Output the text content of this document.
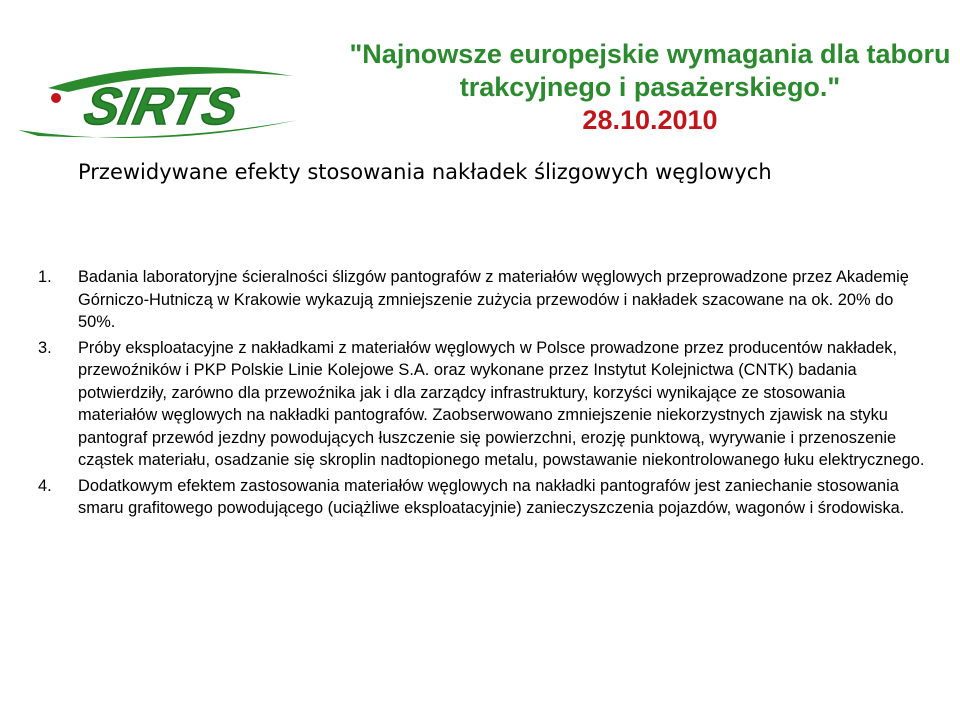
SIRTS
"Najnowsze europejskie wymagania dla taboru
trakcyjnego i pasażerskiego."
28.10.2010
Przewidywane efekty stosowania nakładek ślizgowych węglowych
1. Badania laboratoryjne ścieralności ślizgów pantografów z materiałów węglowych przeprowadzone przez Akademię Górniczo-Hutniczą w Krakowie wykazują zmniejszenie zużycia przewodów i nakładek szacowane na ok. 20% do 50%.
3. Próby eksploatacyjne z nakładkami z materiałów węglowych w Polsce prowadzone przez producentów nakładek, przewoźników i PKP Polskie Linie Kolejowe S.A. oraz wykonane przez Instytut Kolejnictwa (CNTK) badania potwierdziły, zarówno dla przewoźnika jak i dla zarządcy infrastruktury, korzyści wynikające ze stosowania materiałów węglowych na nakładki pantografów. Zaobserwowano zmniejszenie niekorzystnych zjawisk na styku pantograf przewód jezdny powodujących łuszczenie się powierzchni, erozję punktową, wyrywanie i przenoszenie cząstek materiału, osadzanie się skroplin nadtopionego metalu, powstawanie niekontrolowanego łuku elektrycznego.
4. Dodatkowym efektem zastosowania materiałów węglowych na nakładki pantografów jest zaniechanie stosowania smaru grafitowego powodującego (uciążliwe eksploatacyjnie) zanieczyszczenia pojazdów, wagonów i środowiska.
